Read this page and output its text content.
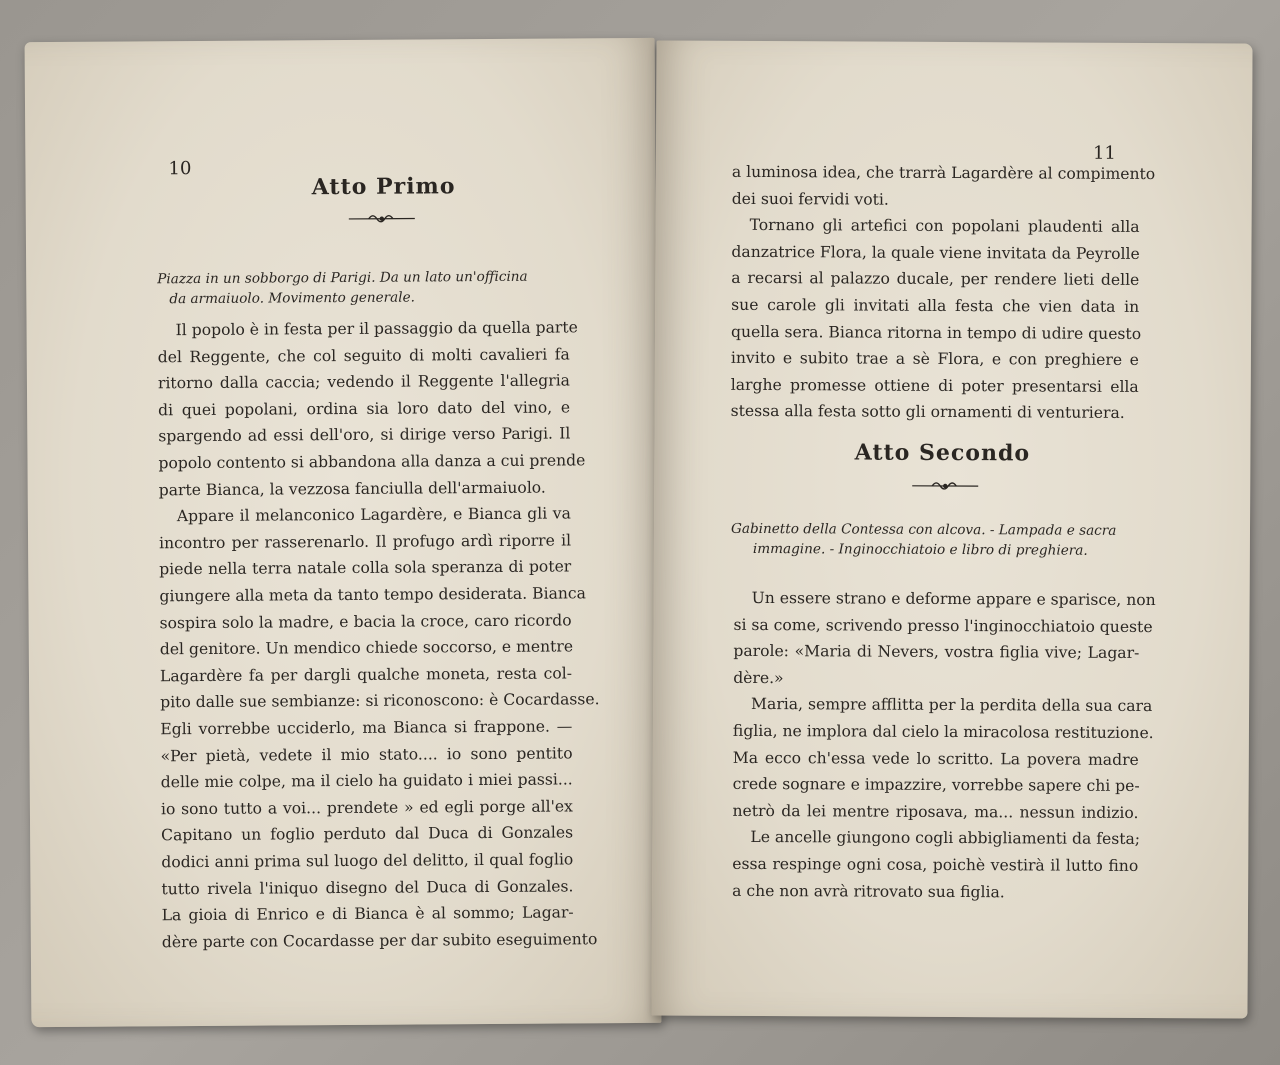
10
Atto Primo
Piazza in un sobborgo di Parigi. Da un lato un'officina
da armaiuolo. Movimento generale.
Il popolo è in festa per il passaggio da quella parte
del Reggente, che col seguito di molti cavalieri fa
ritorno dalla caccia; vedendo il Reggente l'allegria
di quei popolani, ordina sia loro dato del vino, e
spargendo ad essi dell'oro, si dirige verso Parigi. Il
popolo contento si abbandona alla danza a cui prende
parte Bianca, la vezzosa fanciulla dell'armaiuolo.
Appare il melanconico Lagardère, e Bianca gli va
incontro per rasserenarlo. Il profugo ardì riporre il
piede nella terra natale colla sola speranza di poter
giungere alla meta da tanto tempo desiderata. Bianca
sospira solo la madre, e bacia la croce, caro ricordo
del genitore. Un mendico chiede soccorso, e mentre
Lagardère fa per dargli qualche moneta, resta col-
pito dalle sue sembianze: si riconoscono: è Cocardasse.
Egli vorrebbe ucciderlo, ma Bianca si frappone. —
«Per pietà, vedete il mio stato.... io sono pentito
delle mie colpe, ma il cielo ha guidato i miei passi...
io sono tutto a voi... prendete » ed egli porge all'ex
Capitano un foglio perduto dal Duca di Gonzales
dodici anni prima sul luogo del delitto, il qual foglio
tutto rivela l'iniquo disegno del Duca di Gonzales.
La gioia di Enrico e di Bianca è al sommo; Lagar-
dère parte con Cocardasse per dar subito eseguimento
11
a luminosa idea, che trarrà Lagardère al compimento
dei suoi fervidi voti.
Tornano gli artefici con popolani plaudenti alla
danzatrice Flora, la quale viene invitata da Peyrolle
a recarsi al palazzo ducale, per rendere lieti delle
sue carole gli invitati alla festa che vien data in
quella sera. Bianca ritorna in tempo di udire questo
invito e subito trae a sè Flora, e con preghiere e
larghe promesse ottiene di poter presentarsi ella
stessa alla festa sotto gli ornamenti di venturiera.
Atto Secondo
Gabinetto della Contessa con alcova. - Lampada e sacra
immagine. - Inginocchiatoio e libro di preghiera.
Un essere strano e deforme appare e sparisce, non
si sa come, scrivendo presso l'inginocchiatoio queste
parole: «Maria di Nevers, vostra figlia vive; Lagar-
dère.»
Maria, sempre afflitta per la perdita della sua cara
figlia, ne implora dal cielo la miracolosa restituzione.
Ma ecco ch'essa vede lo scritto. La povera madre
crede sognare e impazzire, vorrebbe sapere chi pe-
netrò da lei mentre riposava, ma... nessun indizio.
Le ancelle giungono cogli abbigliamenti da festa;
essa respinge ogni cosa, poichè vestirà il lutto fino
a che non avrà ritrovato sua figlia.
